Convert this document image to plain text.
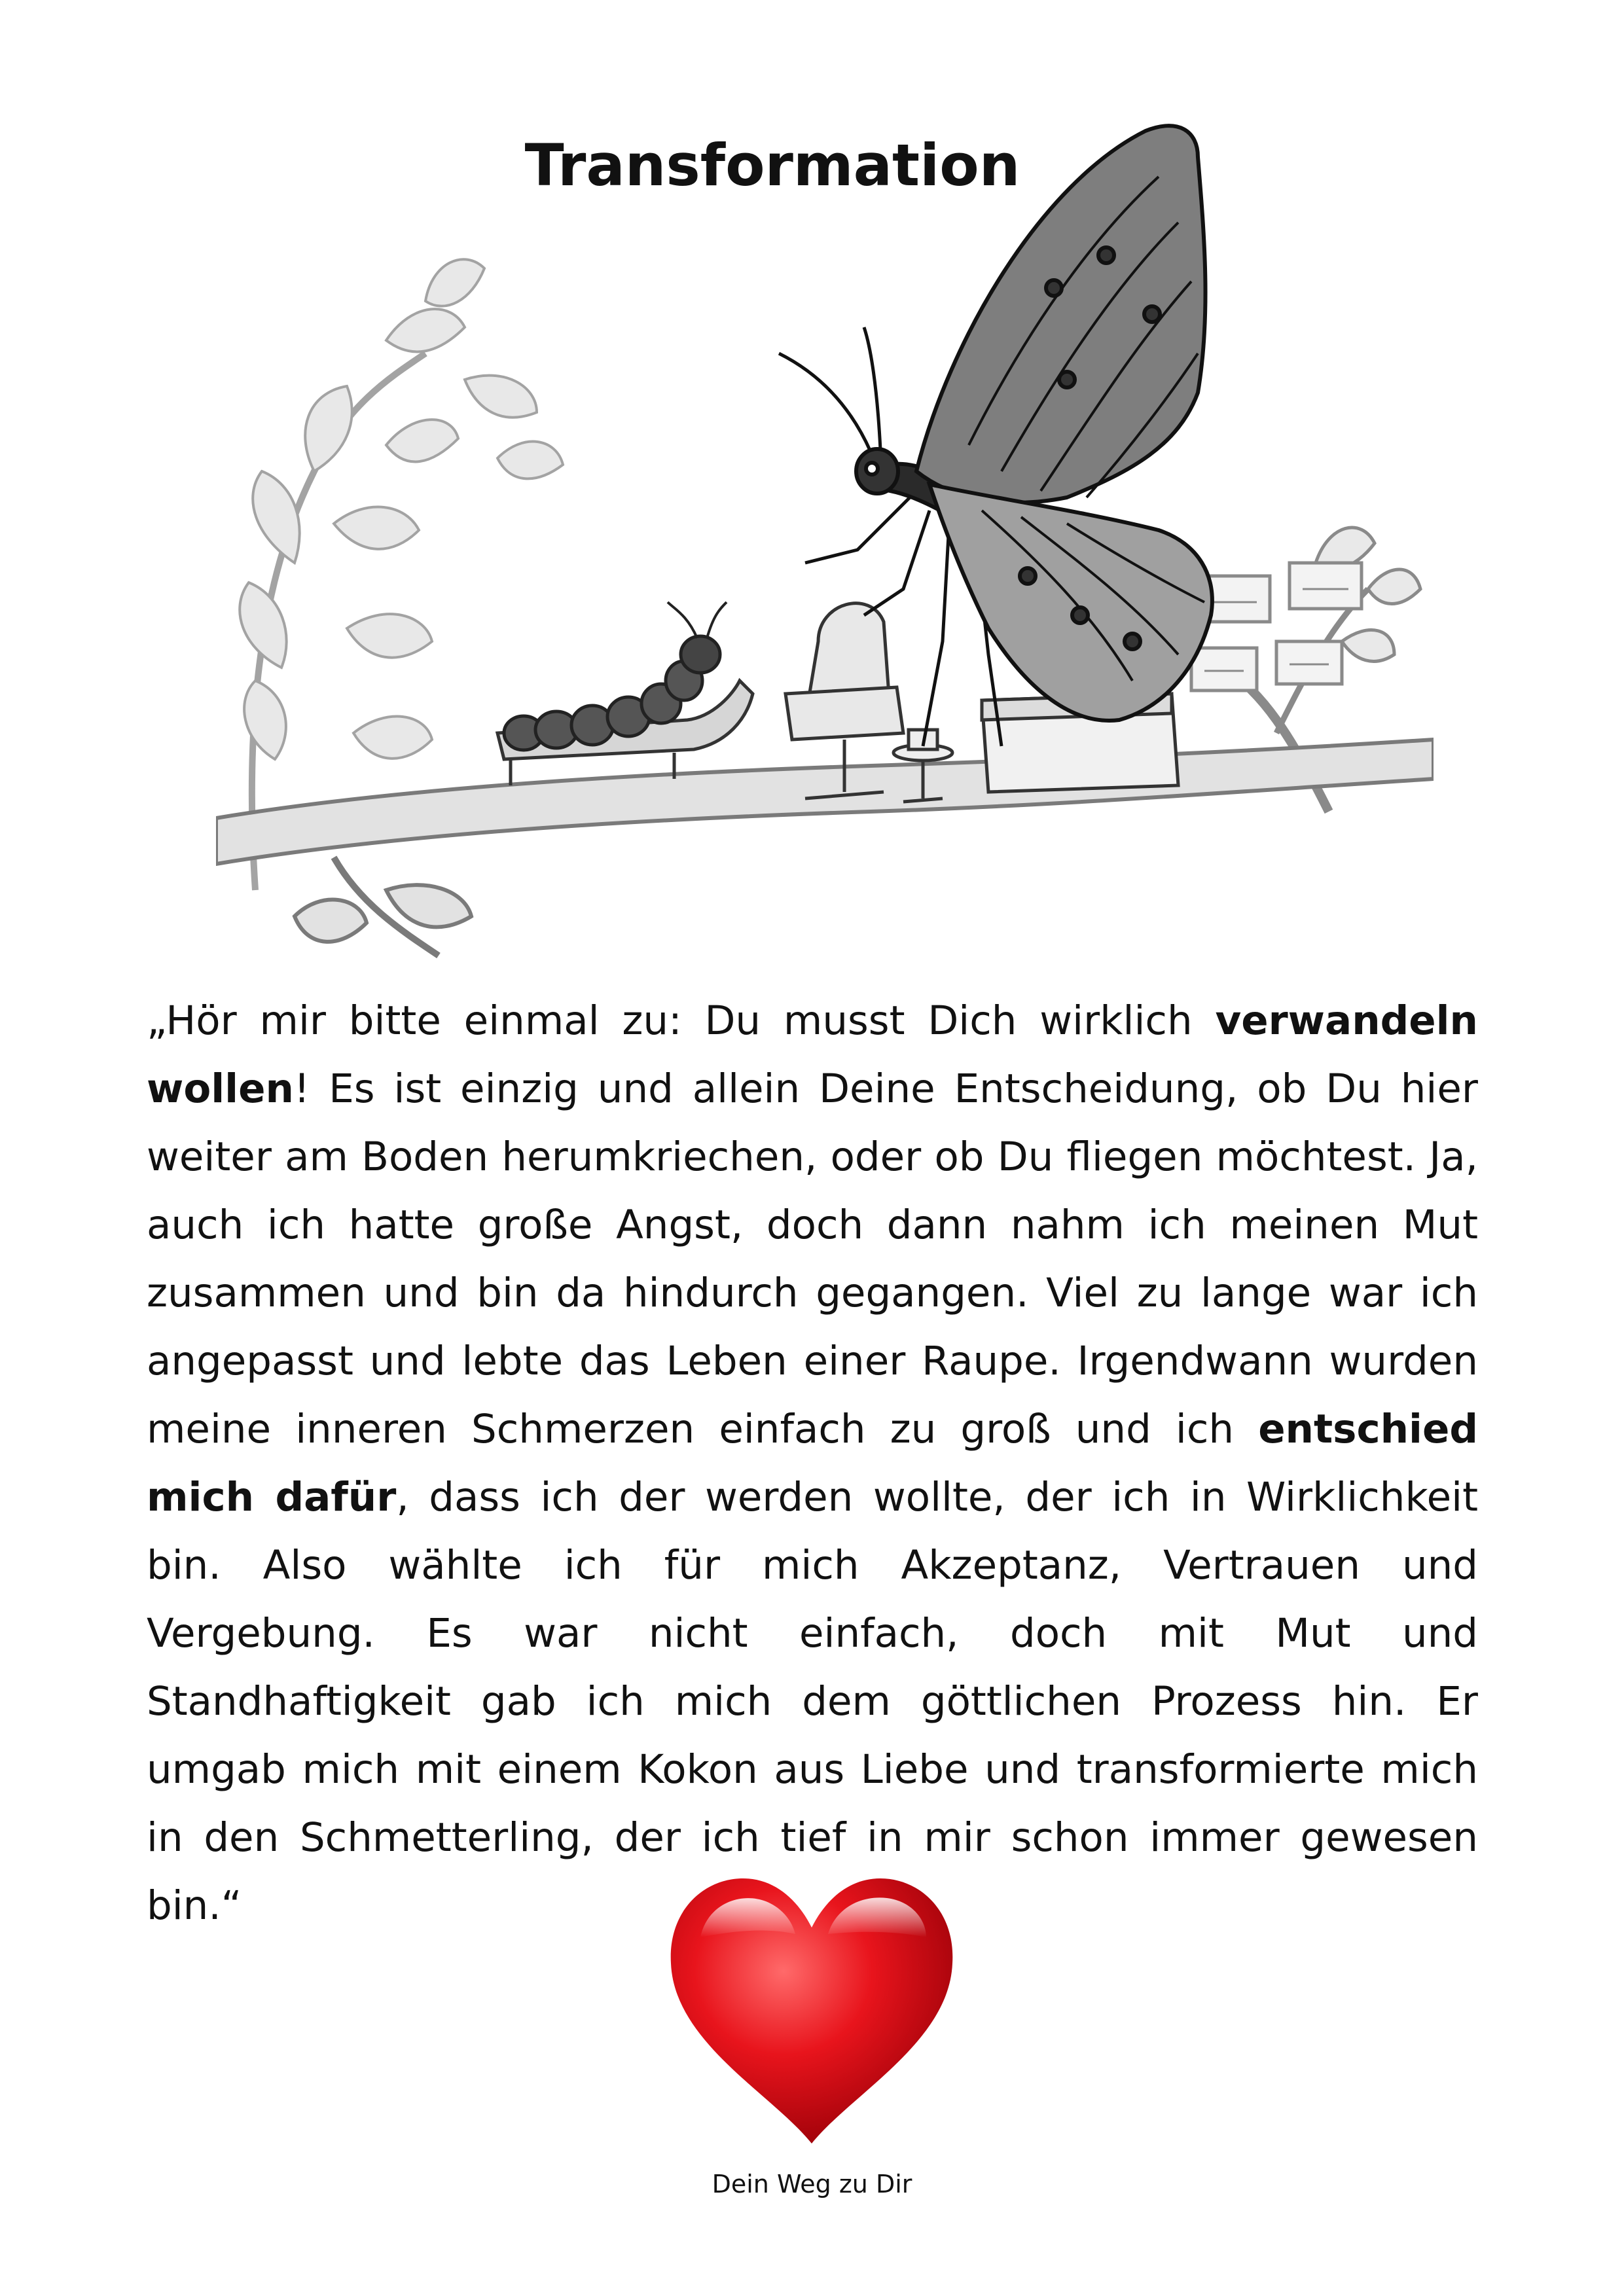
Transformation

„Hör mir bitte einmal zu: Du musst Dich wirklich verwandeln wollen! Es ist einzig und allein Deine Entscheidung, ob Du hier weiter am Boden herumkriechen, oder ob Du fliegen möchtest. Ja, auch ich hatte große Angst, doch dann nahm ich meinen Mut zusammen und bin da hindurch gegangen. Viel zu lange war ich angepasst und lebte das Leben einer Raupe. Irgendwann wurden meine inneren Schmerzen einfach zu groß und ich entschied mich dafür, dass ich der werden wollte, der ich in Wirklichkeit bin. Also wählte ich für mich Akzeptanz, Vertrauen und Vergebung. Es war nicht einfach, doch mit Mut und Standhaftigkeit gab ich mich dem göttlichen Prozess hin. Er umgab mich mit einem Kokon aus Liebe und transformierte mich in den Schmetterling, der ich tief in mir schon immer gewesen bin.“

Dein Weg zu Dir
